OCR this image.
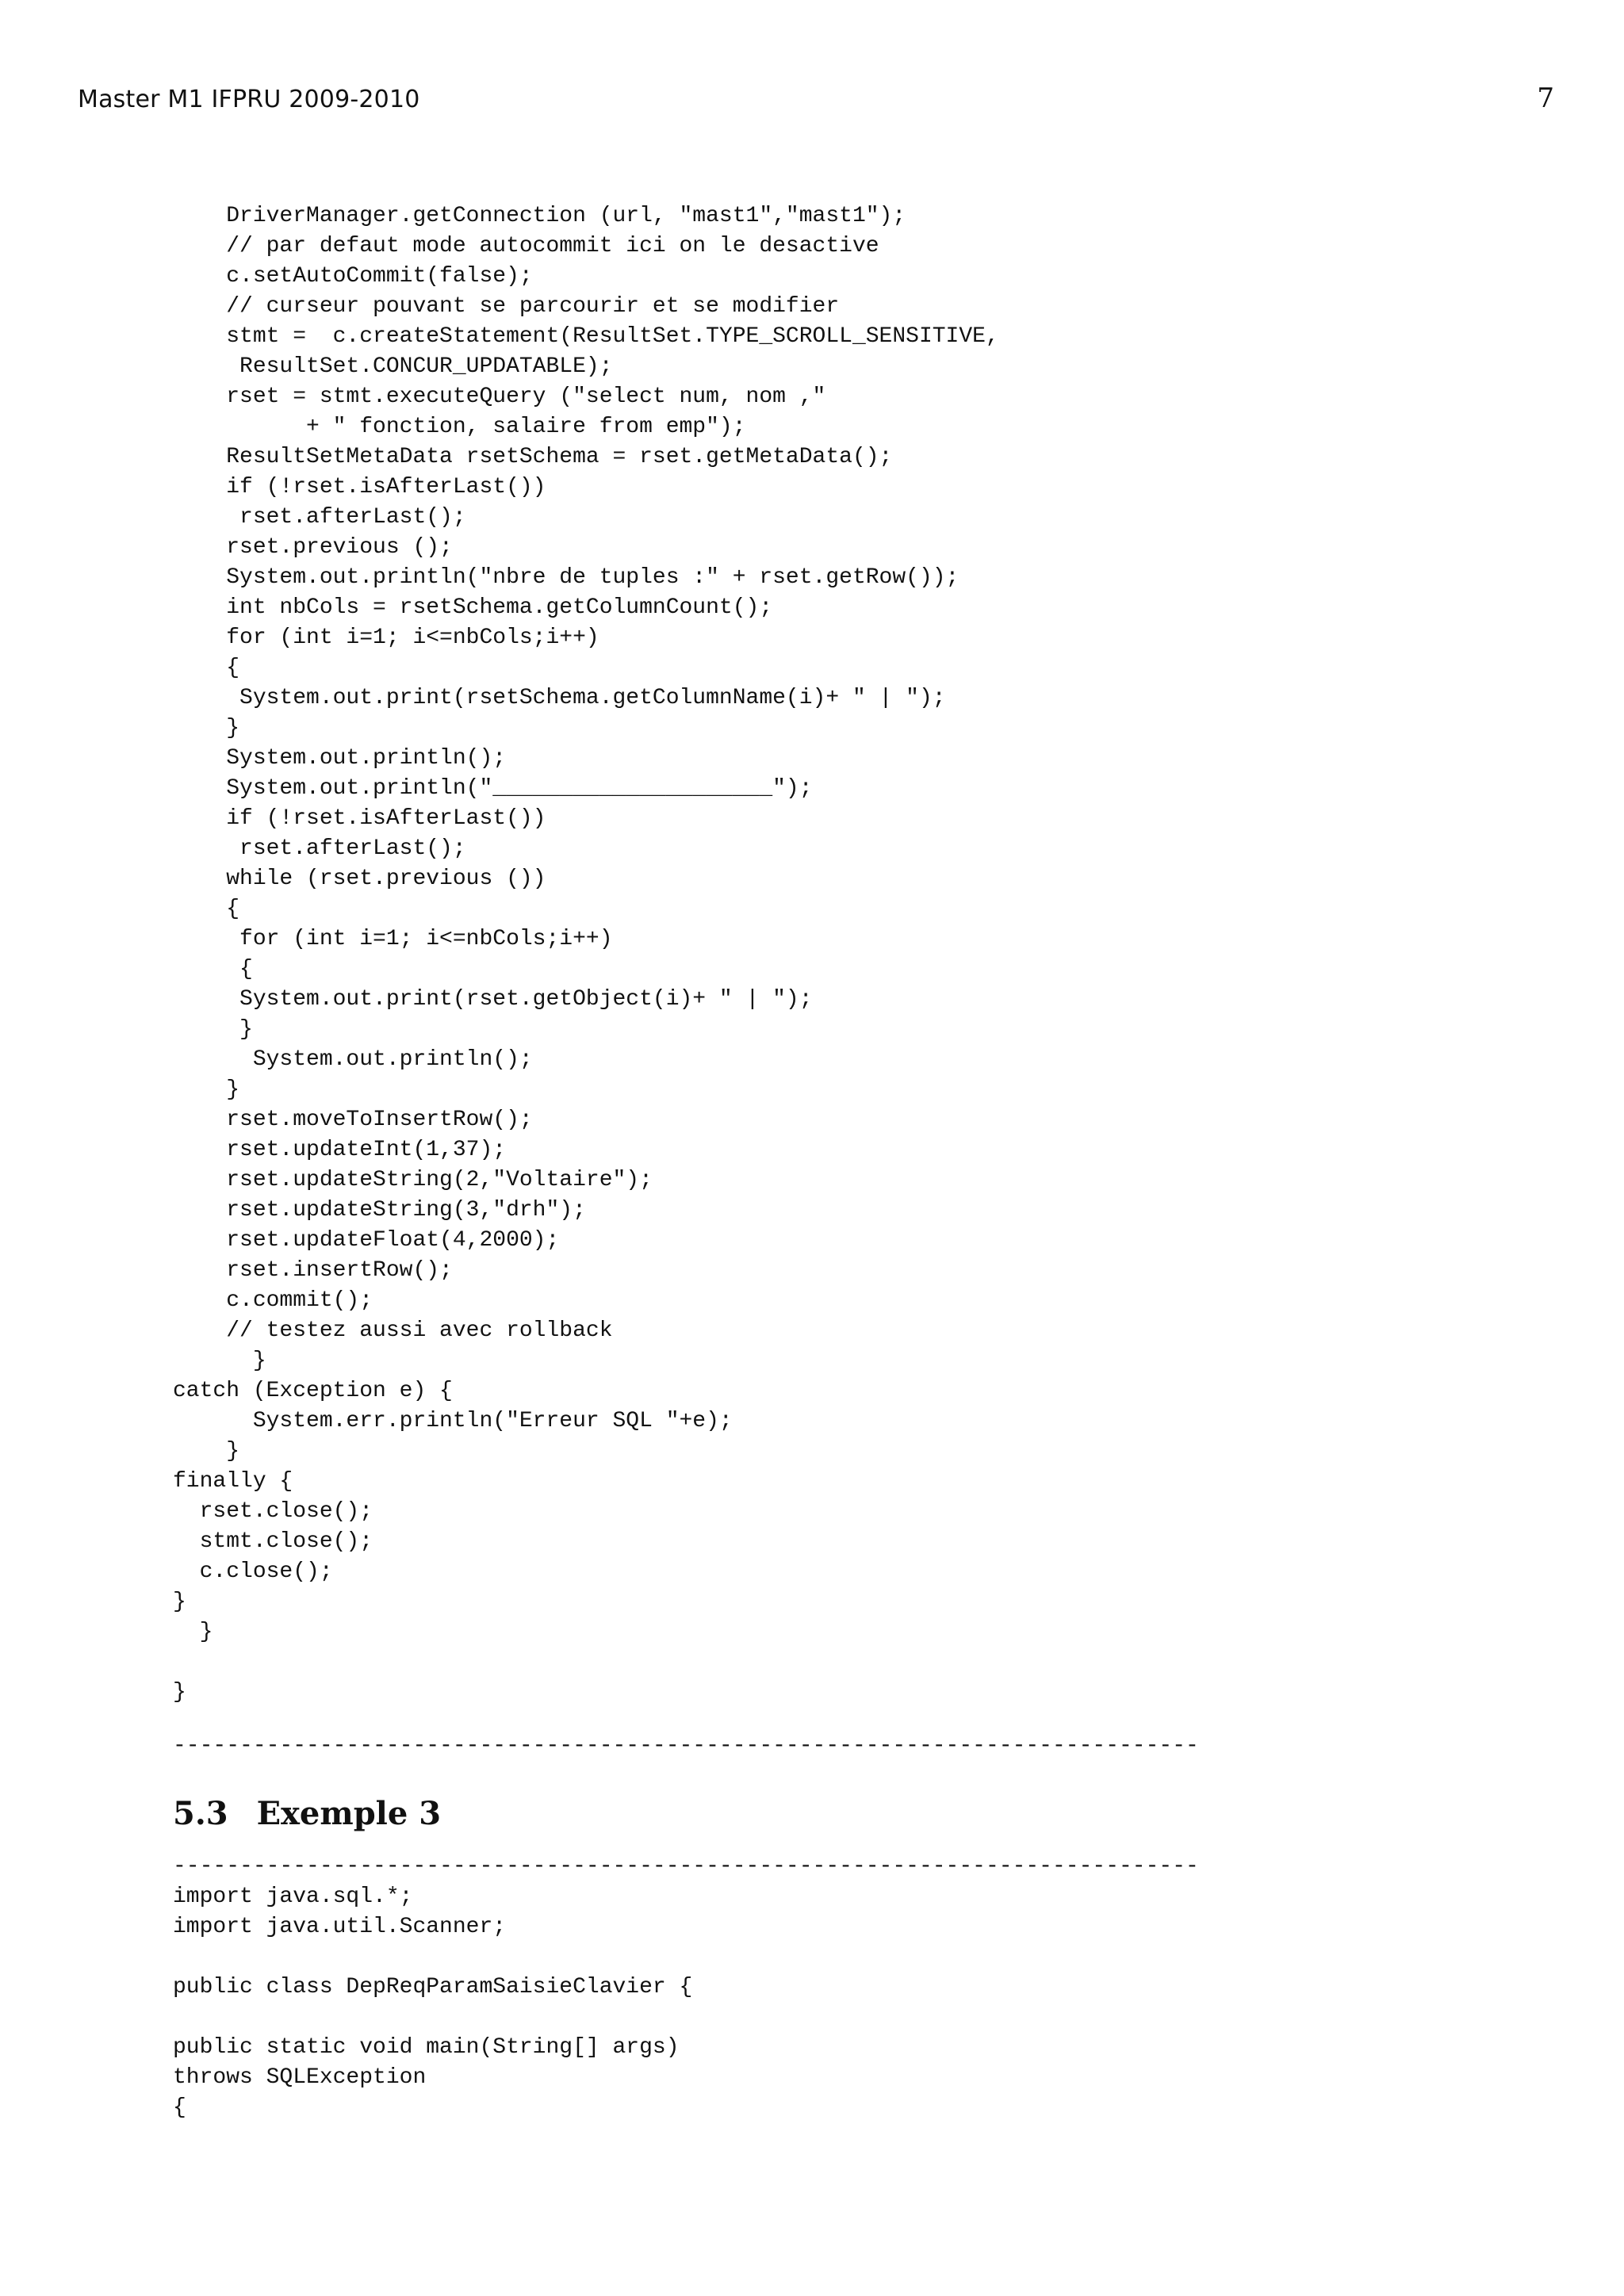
Master M1 IFPRU 2009-2010	7
DriverManager.getConnection (url, "mast1","mast1");
// par defaut mode autocommit ici on le desactive
c.setAutoCommit(false);
// curseur pouvant se parcourir et se modifier
stmt =  c.createStatement(ResultSet.TYPE_SCROLL_SENSITIVE,
ResultSet.CONCUR_UPDATABLE);
rset = stmt.executeQuery ("select num, nom ,"
+ " fonction, salaire from emp");
ResultSetMetaData rsetSchema = rset.getMetaData();
if (!rset.isAfterLast())
rset.afterLast();
rset.previous ();
System.out.println("nbre de tuples :" + rset.getRow());
int nbCols = rsetSchema.getColumnCount();
for (int i=1; i<=nbCols;i++)
{
System.out.print(rsetSchema.getColumnName(i)+ " | ");
}
System.out.println();
System.out.println("_____________________");
if (!rset.isAfterLast())
rset.afterLast();
while (rset.previous ())
{
for (int i=1; i<=nbCols;i++)
{
System.out.print(rset.getObject(i)+ " | ");
}
System.out.println();
}
rset.moveToInsertRow();
rset.updateInt(1,37);
rset.updateString(2,"Voltaire");
rset.updateString(3,"drh");
rset.updateFloat(4,2000);
rset.insertRow();
c.commit();
// testez aussi avec rollback
}
catch (Exception e) {
System.err.println("Erreur SQL "+e);
}
finally {
rset.close();
stmt.close();
c.close();
}
}

}
-----------------------------------------------------------------------------
5.3 Exemple 3
-----------------------------------------------------------------------------
import java.sql.*;
import java.util.Scanner;

public class DepReqParamSaisieClavier {

public static void main(String[] args)
throws SQLException
{
